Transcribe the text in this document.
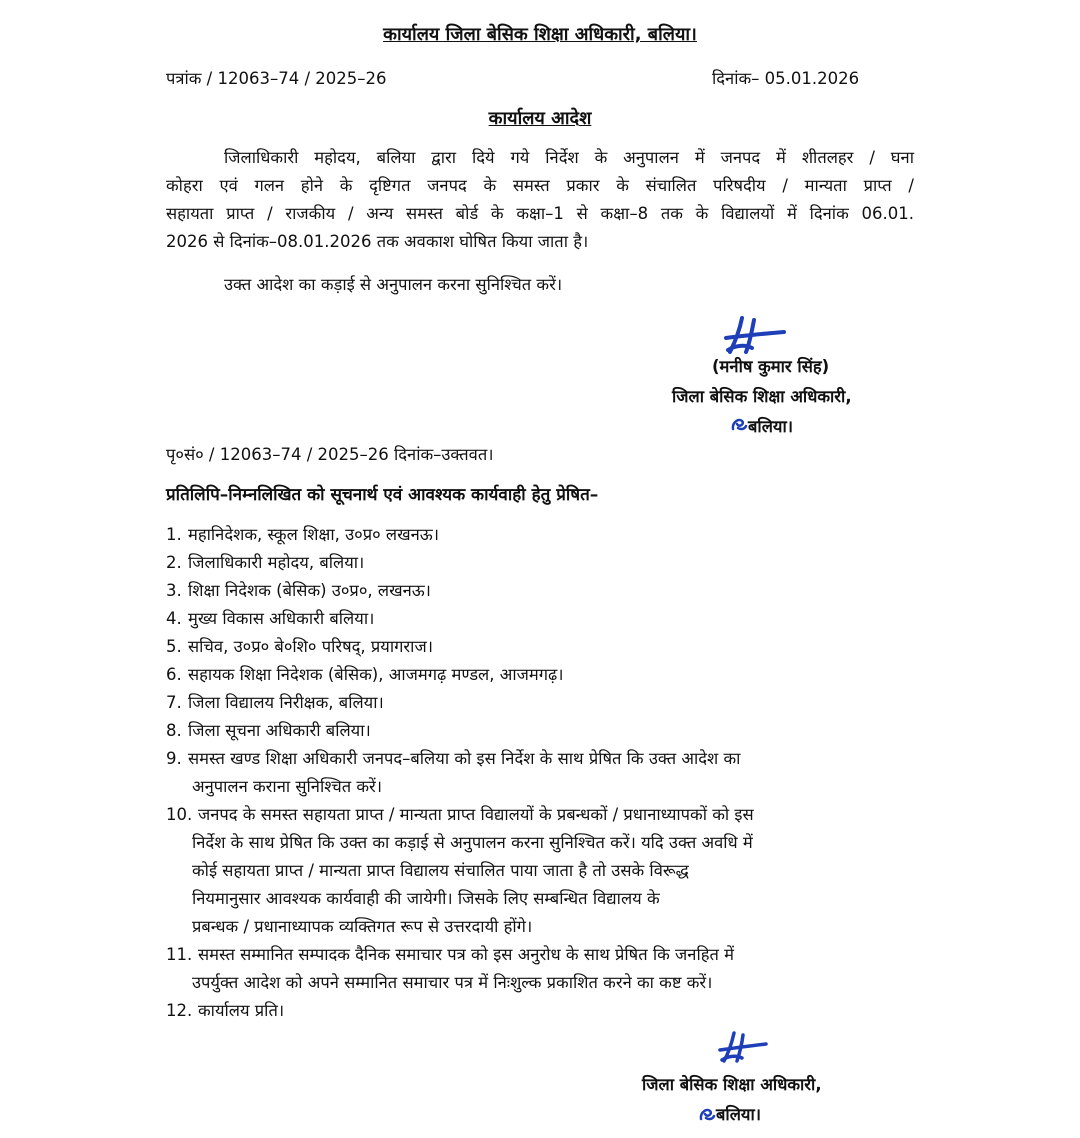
कार्यालय जिला बेसिक शिक्षा अधिकारी, बलिया।
पत्रांक / 12063–74 / 2025–26	दिनांक– 05.01.2026
कार्यालय आदेश
जिलाधिकारी महोदय, बलिया द्वारा दिये गये निर्देश के अनुपालन में जनपद में शीतलहर / घना
कोहरा एवं गलन होने के दृष्टिगत जनपद के समस्त प्रकार के संचालित परिषदीय / मान्यता प्राप्त /
सहायता प्राप्त / राजकीय / अन्य समस्त बोर्ड के कक्षा–1 से कक्षा–8 तक के विद्यालयों में दिनांक 06.01.
2026 से दिनांक–08.01.2026 तक अवकाश घोषित किया जाता है।
उक्त आदेश का कड़ाई से अनुपालन करना सुनिश्चित करें।
(मनीष कुमार सिंह)
जिला बेसिक शिक्षा अधिकारी,
बलिया।
पृ०सं० / 12063–74 / 2025–26 दिनांक–उक्तवत।
प्रतिलिपि–निम्नलिखित को सूचनार्थ एवं आवश्यक कार्यवाही हेतु प्रेषित–
1. महानिदेशक, स्कूल शिक्षा, उ०प्र० लखनऊ।
2. जिलाधिकारी महोदय, बलिया।
3. शिक्षा निदेशक (बेसिक) उ०प्र०, लखनऊ।
4. मुख्य विकास अधिकारी बलिया।
5. सचिव, उ०प्र० बे०शि० परिषद्, प्रयागराज।
6. सहायक शिक्षा निदेशक (बेसिक), आजमगढ़ मण्डल, आजमगढ़।
7. जिला विद्यालय निरीक्षक, बलिया।
8. जिला सूचना अधिकारी बलिया।
9. समस्त खण्ड शिक्षा अधिकारी जनपद–बलिया को इस निर्देश के साथ प्रेषित कि उक्त आदेश का
अनुपालन कराना सुनिश्चित करें।
10. जनपद के समस्त सहायता प्राप्त / मान्यता प्राप्त विद्यालयों के प्रबन्धकों / प्रधानाध्यापकों को इस
निर्देश के साथ प्रेषित कि उक्त का कड़ाई से अनुपालन करना सुनिश्चित करें। यदि उक्त अवधि में
कोई सहायता प्राप्त / मान्यता प्राप्त विद्यालय संचालित पाया जाता है तो उसके विरूद्ध
नियमानुसार आवश्यक कार्यवाही की जायेगी। जिसके लिए सम्बन्धित विद्यालय के
प्रबन्धक / प्रधानाध्यापक व्यक्तिगत रूप से उत्तरदायी होंगे।
11. समस्त सम्मानित सम्पादक दैनिक समाचार पत्र को इस अनुरोध के साथ प्रेषित कि जनहित में
उपर्युक्त आदेश को अपने सम्मानित समाचार पत्र में निःशुल्क प्रकाशित करने का कष्ट करें।
12. कार्यालय प्रति।
जिला बेसिक शिक्षा अधिकारी,
बलिया।
